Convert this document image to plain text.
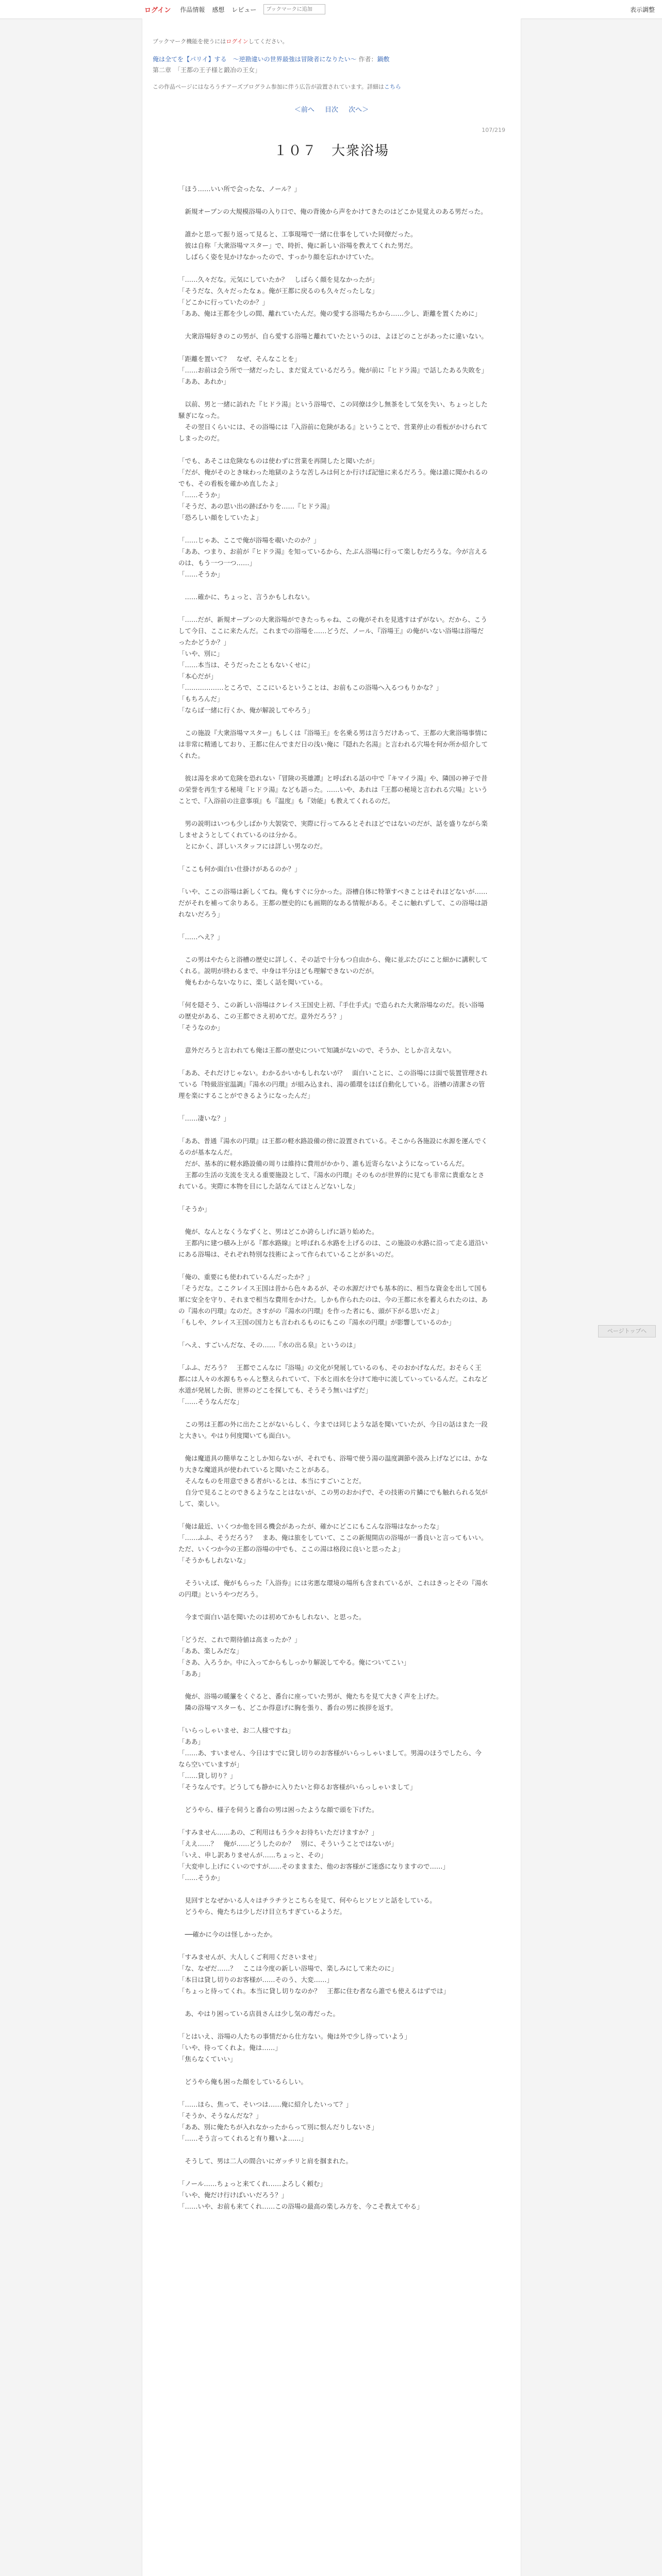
ログイン 作品情報 感想 レビュー
ブックマークに追加	表示調整
ブックマーク機能を使うにはログインしてください。
俺は全てを【パリイ】する　〜逆勘違いの世界最強は冒険者になりたい〜 作者：鍋敷
第二章　「王都の王子様と鍛冶の王女」
この作品ページにはなろうチアーズプログラム参加に伴う広告が設置されています。詳細はこちら
＜前へ 目次 次へ＞
107/219
１０７　大衆浴場

「ほう……いい所で会ったな、ノール？」

　新規オープンの大規模浴場の入り口で、俺の背後から声をかけてきたのはどこか見覚えのある男だった。

　誰かと思って振り返って見ると、工事現場で一緒に仕事をしていた同僚だった。
　彼は自称「大衆浴場マスター」で、時折、俺に新しい浴場を教えてくれた男だ。
　しばらく姿を見かけなかったので、すっかり顔を忘れかけていた。

「……久々だな。元気にしていたか？　しばらく顔を見なかったが」
「そうだな、久々だったなぁ。俺が王都に戻るのも久々だったしな」
「どこかに行っていたのか？」
「ああ、俺は王都を少しの間、離れていたんだ。俺の愛する浴場たちから……少し、距離を置くために」

　大衆浴場好きのこの男が、自ら愛する浴場と離れていたというのは、よほどのことがあったに違いない。

「距離を置いて？　なぜ、そんなことを」
「……お前は会う所で一緒だったし、まだ覚えているだろう。俺が前に『ヒドラ湯』で話したある失敗を」
「ああ、あれか」

　以前、男と一緒に訪れた『ヒドラ湯』という浴場で、この同僚は少し無茶をして気を失い、ちょっとした騒ぎになった。
　その翌日くらいには、その浴場には『入浴前に危険がある』ということで、営業停止の看板がかけられてしまったのだ。

「でも、あそこは危険なものは使わずに営業を再開したと聞いたが」
「だが、俺がそのとき味わった地獄のような苦しみは何とか行けば記憶に来るだろう。俺は誰に聞かれるのでも、その看板を確かめ直したよ」
「……そうか」
「そうだ、あの思い出の跡ばかりを……『ヒドラ湯』
「恐ろしい顔をしていたよ」

「……じゃあ、ここで俺が浴場を覗いたのか？」
「ああ、つまり、お前が『ヒドラ湯』を知っているから、たぶん浴場に行って楽しむだろうな。今が言えるのは、もう一つ一つ……」
「……そうか」

　……確かに、ちょっと、言うかもしれない。

「……だが、新規オープンの大衆浴場ができたっちゃね、この俺がそれを見逃すはずがない。だから、こうして今日、ここに来たんだ。これまでの浴場を……どうだ、ノール、『浴場王』の俺がいない浴場は浴場だったかどうか？」
「いや、別に」
「……本当は、そうだったこともないくせに」
「本心だが」
「………………ところで、ここにいるということは、お前もこの浴場へ入るつもりかな？」
「もちろんだ」
「ならば一緒に行くか、俺が解説してやろう」

　この施設『大衆浴場マスター』もしくは『浴場王』を名乗る男は言うだけあって、王都の大衆浴場事情には非常に精通しており、王都に住んでまだ日の浅い俺に『隠れた名湯』と言われる穴場を何か所か紹介してくれた。

　彼は湯を求めて危険を恐れない『冒険の英雄譚』と呼ばれる話の中で『キマイラ湯』や、隣国の神子で昔の栄誉を再生する秘境『ヒドラ湯』なども語った。……いや、あれは『王都の秘境と言われる穴場』ということで、『入浴前の注意事項』も『温度』も『効能』も教えてくれるのだ。

　男の説明はいつも少しばかり大袈裟で、実際に行ってみるとそれほどではないのだが、話を盛りながら楽しませようとしてくれているのは分かる。
　とにかく、詳しいスタッフには詳しい男なのだ。

「ここも何か面白い仕掛けがあるのか？」

「いや、ここの浴場は新しくてね。俺もすぐに分かった。浴槽自体に特筆すべきことはそれほどないが……だがそれを補って余りある。王都の歴史的にも画期的なある情報がある。そこに触れずして、この浴場は語れないだろう」

「……へえ？」

　この男はやたらと浴槽の歴史に詳しく、その話で十分もつ自由から、俺に並ぶたびにこと細かに講釈してくれる。説明が終わるまで、中身は半分ほども理解できないのだが。
　俺もわからないなりに、楽しく話を聞いている。

「何を隠そう、この新しい浴場はクレイス王国史上初、『手仕手式』で造られた大衆浴場なのだ。長い浴場の歴史がある、この王都でさえ初めてだ。意外だろう？」
「そうなのか」

　意外だろうと言われても俺は王都の歴史について知識がないので、そうか、としか言えない。

「ああ、それだけじゃない。わかるかいかもしれないが？　面白いことに、この浴場には面で装置管理されている『特級浴室温調』『湯水の円環』が組み込まれ、湯の循環をほぼ自動化している。浴槽の清潔さの管理を楽にすることができるようになったんだ」

「……凄いな？」

「ああ、普通『湯水の円環』は王都の軽水路設備の傍に設置されている。そこから各施設に水源を運んでくるのが基本なんだ。
　だが、基本的に軽水路設備の周りは維持に費用がかかり、誰も近寄らないようになっているんだ。
　王都の生活の支流を支える重要施設として、『湯水の円環』そのものが世界的に見ても非常に貴重なとされている。実際に本物を目にした話なんてほとんどないしな」

「そうか」

　俺が、なんとなくうなずくと、男はどこか誇らしげに語り始めた。
　王都内に建つ積み上がる『都水路線』と呼ばれる水路を上げるのは、この施設の水路に沿って走る道沿いにある浴場は、それぞれ特別な技術によって作られていることが多いのだ。

「俺の、重要にも使われているんだったか？」
「そうだな。ここクレイス王国は昔から色々あるが、その水源だけでも基本的に、相当な資金を出して国も軍に安全を守り、それまで相当な費用をかけた。しかも作られたのは、今の王都に水を蓄えられたのは、あの『湯水の円環』なのだ。さすがの『湯水の円環』を作った者にも、頭が下がる思いだよ」
「もしや、クレイス王国の国力とも言われるものにもこの『湯水の円環』が影響しているのか」

「へえ、すごいんだな、その……『水の出る泉』というのは」

「ふふ、だろう？　王都でこんなに『浴場』の文化が発展しているのも、そのおかげなんだ。おそらく王都には人々の水源もちゃんと整えられていて、下水と雨水を分けて地中に流していっているんだ。これなど水道が発展した街、世界のどこを探しても、そうそう無いはずだ」
「……そうなんだな」

　この男は王都の外に出たことがないらしく、今までは同じような話を聞いていたが、今日の話はまた一段と大きい。やはり何度聞いても面白い。

　俺は魔道具の簡単なことしか知らないが、それでも、浴場で使う湯の温度調節や汲み上げなどには、かなり大きな魔道具が使われていると聞いたことがある。
　そんなものを用意できる者がいるとは、本当にすごいことだ。
　自分で見ることのできるようなことはないが、この男のおかげで、その技術の片鱗にでも触れられる気がして、楽しい。

「俺は最近、いくつか他を回る機会があったが、確かにどこにもこんな浴場はなかったな」
「……ふふ、そうだろう？　まあ、俺は旅をしていて、ここの新規開店の浴場が一番良いと言ってもいい。ただ、いくつか今の王都の浴場の中でも、ここの湯は格段に良いと思ったよ」
「そうかもしれないな」

　そういえば、俺がもらった『入浴券』には劣悪な環境の場所も含まれているが、これはきっとその『湯水の円環』というやつだろう。

　今まで面白い話を聞いたのは初めてかもしれない、と思った。

「どうだ、これで期待値は高まったか？」
「ああ、楽しみだな」
「さあ、入ろうか。中に入ってからもしっかり解説してやる。俺についてこい」
「ああ」

　俺が、浴場の暖簾をくぐると、番台に座っていた男が、俺たちを見て大きく声を上げた。
　隣の浴場マスターも、どこか得意げに胸を張り、番台の男に挨拶を返す。

「いらっしゃいませ、お二人様ですね」
「ああ」
「……あ、すいません、今日はすでに貸し切りのお客様がいらっしゃいまして。男湯のほうでしたら、今なら空いていますが」
「……貸し切り？」
「そうなんです。どうしても静かに入りたいと仰るお客様がいらっしゃいまして」

　どうやら、様子を伺うと番台の男は困ったような顔で頭を下げた。

「すみません……あの、ご利用はもう少々お待ちいただけますか？」
「ええ……？　俺が……どうしたのか？　別に、そういうことではないが」
「いえ、申し訳ありませんが……ちょっと、その」
「大変申し上げにくいのですが……そのまままた、他のお客様がご迷惑になりますので……」
「……そうか」

　見回すとなぜかいる人々はチラチラとこちらを見て、何やらヒソヒソと話をしている。
　どうやら、俺たちは少しだけ目立ちすぎているようだ。

　──確かに今のは怪しかったか。

「すみませんが、大人しくご利用くださいませ」
「な、なぜだ……？　ここは今度の新しい浴場で、楽しみにして来たのに」
「本日は貸し切りのお客様が……そのう、大変……」
「ちょっと待ってくれ。本当に貸し切りなのか？　王都に住む者なら誰でも使えるはずでは」

　あ、やはり困っている店員さんは少し気の毒だった。

「とはいえ、浴場の人たちの事情だから仕方ない。俺は外で少し待っていよう」
「いや、待ってくれよ。俺は……」
「焦らなくていい」

　どうやら俺も困った顔をしているらしい。

「……ほら、焦って、そいつは……俺に紹介したいって？」
「そうか、そうなんだな？」
「ああ、別に俺たちが入れなかったからって別に恨んだりしないさ」
「……そう言ってくれると有り難いよ……」

　そうして、男は二人の間合いにガッチリと肩を掴まれた。

「ノール……ちょっと来てくれ……よろしく頼む」
「いや、俺だけ行けばいいだろう？」
「……いや、お前も来てくれ……この浴場の最高の楽しみ方を、今こそ教えてやる」

ページトップへ
